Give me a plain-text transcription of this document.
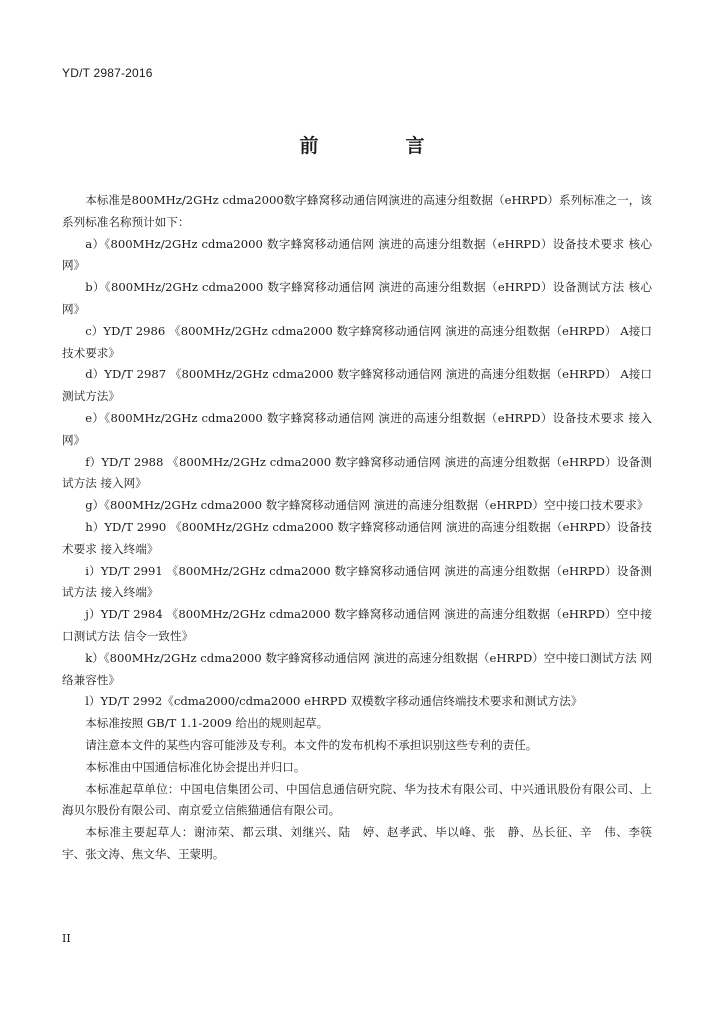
YD/T 2987-2016
前　言

本标准是800MHz/2GHz cdma2000数字蜂窝移动通信网演进的高速分组数据（eHRPD）系列标准之一，该系列标准名称预计如下：

a）《800MHz/2GHz cdma2000 数字蜂窝移动通信网 演进的高速分组数据（eHRPD）设备技术要求 核心网》

b）《800MHz/2GHz cdma2000 数字蜂窝移动通信网 演进的高速分组数据（eHRPD）设备测试方法 核心网》

c）YD/T 2986 《800MHz/2GHz cdma2000 数字蜂窝移动通信网 演进的高速分组数据（eHRPD） A接口技术要求》

d）YD/T 2987 《800MHz/2GHz cdma2000 数字蜂窝移动通信网 演进的高速分组数据（eHRPD） A接口测试方法》

e）《800MHz/2GHz cdma2000 数字蜂窝移动通信网 演进的高速分组数据（eHRPD）设备技术要求 接入网》

f）YD/T 2988 《800MHz/2GHz cdma2000 数字蜂窝移动通信网 演进的高速分组数据（eHRPD）设备测试方法 接入网》

g）《800MHz/2GHz cdma2000 数字蜂窝移动通信网 演进的高速分组数据（eHRPD）空中接口技术要求》

h）YD/T 2990 《800MHz/2GHz cdma2000 数字蜂窝移动通信网 演进的高速分组数据（eHRPD）设备技术要求 接入终端》

i）YD/T 2991 《800MHz/2GHz cdma2000 数字蜂窝移动通信网 演进的高速分组数据（eHRPD）设备测试方法 接入终端》

j）YD/T 2984 《800MHz/2GHz cdma2000 数字蜂窝移动通信网 演进的高速分组数据（eHRPD）空中接口测试方法 信令一致性》

k）《800MHz/2GHz cdma2000 数字蜂窝移动通信网 演进的高速分组数据（eHRPD）空中接口测试方法 网络兼容性》

l）YD/T 2992《cdma2000/cdma2000 eHRPD 双模数字移动通信终端技术要求和测试方法》

本标准按照 GB/T 1.1-2009 给出的规则起草。

请注意本文件的某些内容可能涉及专利。本文件的发布机构不承担识别这些专利的责任。

本标准由中国通信标准化协会提出并归口。

本标准起草单位：中国电信集团公司、中国信息通信研究院、华为技术有限公司、中兴通讯股份有限公司、上海贝尔股份有限公司、南京爱立信熊猫通信有限公司。

本标准主要起草人：谢沛荣、都云琪、刘继兴、陆　婷、赵孝武、毕以峰、张　静、丛长征、辛　伟、李筷宇、张文涛、焦文华、王蒙明。

II
